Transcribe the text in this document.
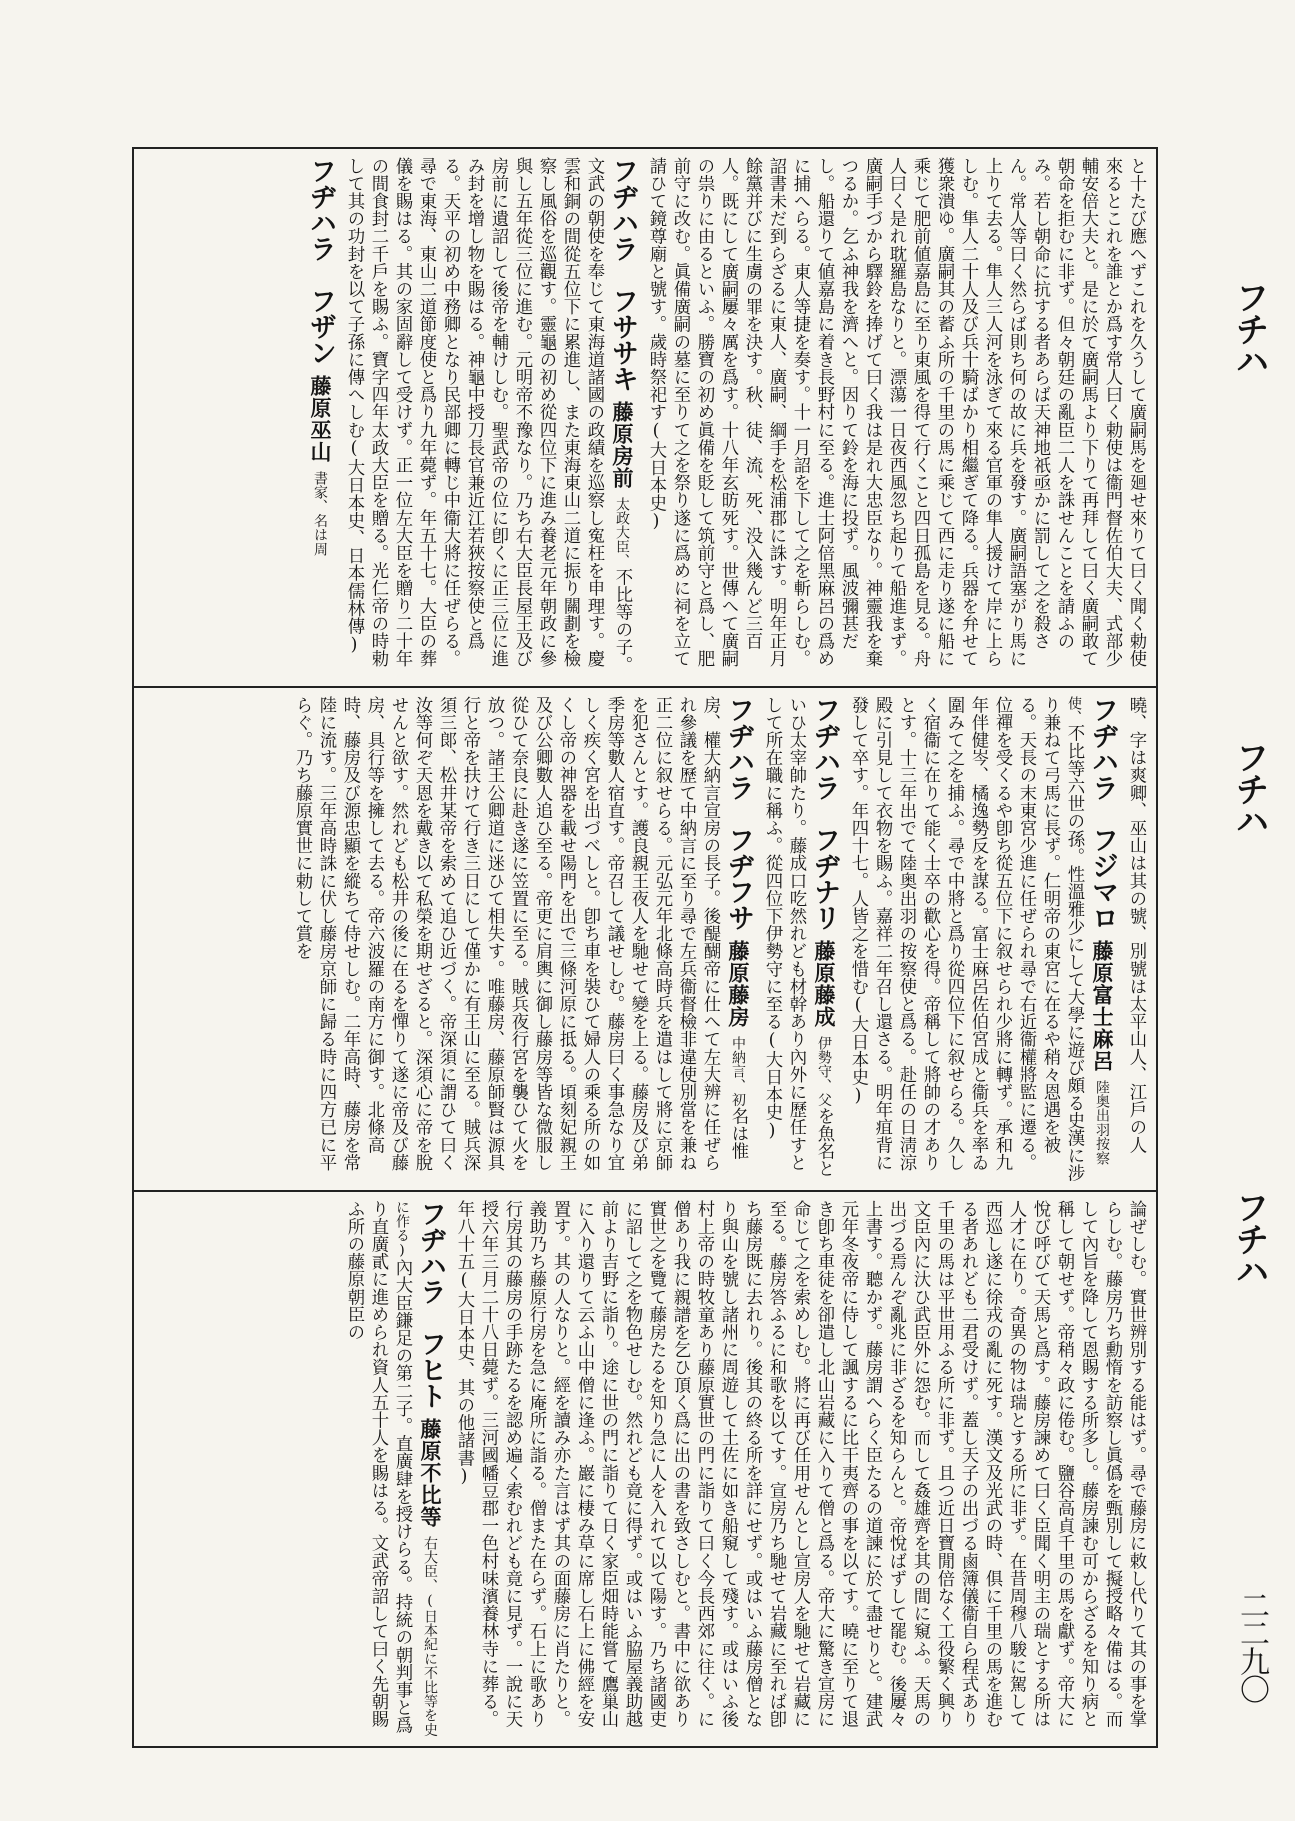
と十たび應へずこれを久うして廣嗣馬を廻せ來りて曰く聞く勅使來るとこれを誰とか爲す常人曰く勅使は衞門督佐伯大夫、式部少輔安倍大夫と。是に於て廣嗣馬より下りて再拜して曰く廣嗣敢て朝命を拒むに非ず。但々朝廷の亂臣二人を誅せんことを請ふのみ。若し朝命に抗する者あらば天神地祇亟かに罰して之を殺さん。常人等曰く然らば則ち何の故に兵を發す。廣嗣語塞がり馬に上りて去る。隼人三人河を泳ぎて來る官軍の隼人援けて岸に上らしむ。隼人二十人及び兵十騎ばかり相繼ぎて降る。兵器を弁せて獲衆潰ゆ。廣嗣其の蓄ふ所の千里の馬に乘じて西に走り遂に船に乘じて肥前値嘉島に至り東風を得て行くこと四日孤島を見る。舟人曰く是れ耽羅島なりと。漂蕩一日夜西風忽ち起りて船進まず。廣嗣手づから驛鈴を捧げて曰く我は是れ大忠臣なり。神靈我を棄つるか。乞ふ神我を濟へと。因りて鈴を海に投ず。風波彌甚だし。船還りて値嘉島に着き長野村に至る。進士阿倍黑麻呂の爲めに捕へらる。東人等捷を奏す。十一月詔を下して之を斬らしむ。詔書未だ到らざるに東人、廣嗣、綱手を松浦郡に誅す。明年正月餘黨并びに生虜の罪を決す。秋、徒、流、死、没入幾んど三百人。既にして廣嗣屢々厲を爲す。十八年玄昉死す。世傳へて廣嗣の祟りに由るといふ。勝寶の初め眞備を貶して筑前守と爲し、肥前守に改む。眞備廣嗣の墓に至りて之を祭り遂に爲めに祠を立て請ひて鏡尊廟と號す。歲時祭祀す(大日本史)
フヂハラ　フササキ藤原房前太政大臣、不比等の子。文武の朝使を奉じて東海道諸國の政績を巡察し寃枉を申理す。慶雲和銅の間從五位下に累進し、また東海東山二道に振り關劃を檢察し風俗を巡觀す。靈龜の初め從四位下に進み養老元年朝政に參與し五年從三位に進む。元明帝不豫なり。乃ち右大臣長屋王及び房前に遺詔して後帝を輔けしむ。聖武帝の位に卽くに正三位に進み封を增し物を賜はる。神龜中授刀長官兼近江若狹按察使と爲る。天平の初め中務卿となり民部卿に轉じ中衞大將に任ぜらる。尋で東海、東山二道節度使と爲り九年薨ず。年五十七。大臣の葬儀を賜はる。其の家固辭して受けず。正一位左大臣を贈り二十年の間食封二千戶を賜ふ。寶字四年太政大臣を贈る。光仁帝の時勅して其の功封を以て子孫に傳へしむ(大日本史、日本儒林傳)
フヂハラ　フザン藤原巫山書家、名は周
曉、字は爽卿、巫山は其の號、別號は太平山人、江戶の人
フヂハラ　フジマロ藤原富士麻呂陸奥出羽按察使、不比等六世の孫。性溫雅少にして大學に遊び頗る史漢に涉り兼ねて弓馬に長ず。仁明帝の東宮に在るや稍々恩遇を被る。天長の末東宮少進に任ぜられ尋で右近衞權將監に遷る。位禪を受くるや卽ち從五位下に叙せられ少將に轉ず。承和九年伴健岑、橘逸勢反を謀る。富士麻呂佐伯宮成と衞兵を率ゐ圍みて之を捕ふ。尋で中將と爲り從四位下に叙せらる。久しく宿衞に在りて能く士卒の歡心を得。帝稱して將帥の才ありとす。十三年出でて陸奥出羽の按察使と爲る。赴任の日淸涼殿に引見して衣物を賜ふ。嘉祥二年召し還さる。明年疽背に發して卒す。年四十七。人皆之を惜む(大日本史)
フヂハラ　フヂナリ藤原藤成伊勢守、父を魚名といひ太宰帥たり。藤成口吃然れども材幹あり內外に歷任すとして所在職に稱ふ。從四位下伊勢守に至る(大日本史)
フヂハラ　フヂフサ藤原藤房中納言、初名は惟房、權大納言宣房の長子。後醍醐帝に仕へて左大辨に任ぜられ參議を歷て中納言に至り尋で左兵衞督檢非違使別當を兼ね正二位に叙せらる。元弘元年北條高時兵を遣はして將に京師を犯さんとす。護良親王夜人を馳せて變を上る。藤房及び弟季房等數人宿直す。帝召して議せしむ。藤房曰く事急なり宜しく疾く宮を出づべしと。卽ち車を裝ひて婦人の乘る所の如くし帝の神器を載せ陽門を出で三條河原に抵る。頃刻妃親王及び公卿數人追ひ至る。帝更に肩輿に御し藤房等皆な微服し從ひて奈良に赴き遂に笠置に至る。賊兵夜行宮を襲ひて火を放つ。諸王公卿道に迷ひて相失す。唯藤房、藤原師賢は源具行と帝を扶けて行き三日にして僅かに有王山に至る。賊兵深須三郞、松井某帝を索めて追ひ近づく。帝深須に謂ひて曰く汝等何ぞ天恩を戴き以て私榮を期せざると。深須心に帝を脫せんと欲す。然れども松井の後に在るを憚りて遂に帝及び藤房、具行等を擁して去る。帝六波羅の南方に御す。北條高時、藤房及び源忠顯を縱ちて侍せしむ。二年高時、藤房を常陸に流す。三年高時誅に伏し藤房京師に歸る時に四方已に平らぐ。乃ち藤原實世に勅して賞を
論ぜしむ。實世辨別する能はず。尋で藤房に敕し代りて其の事を掌らしむ。藤房乃ち勳惰を訪察し眞僞を甄別して擬授略々備はる。而して內旨を降して恩賜する所多し。藤房諫む可からざるを知り病と稱して朝せず。帝稍々政に倦む。鹽谷高貞千里の馬を獻ず。帝大に悅び呼びて天馬と爲す。藤房諫めて曰く臣聞く明主の瑞とする所は人才に在り。奇異の物は瑞とする所に非ず。在昔周穆八駿に駕して西巡し遂に徐戎の亂に死す。漢文及光武の時、俱に千里の馬を進むる者あれども二君受けず。蓋し天子の出づる鹵簿儀衞自ら程式あり千里の馬は平世用ふる所に非ず。且つ近日寶閒倍なく工役繁く興り文臣內に汏ひ武臣外に怨む。而して姦雄齊を其の間に窺ふ。天馬の出づる焉んぞ亂兆に非ざるを知らんと。帝悅ばずして罷む。後屢々上書す。聽かず。藤房謂へらく臣たるの道諫に於て盡せりと。建武元年冬夜帝に侍して諷するに比干夷齊の事を以てす。曉に至りて退き卽ち車徒を卻遣し北山岩藏に入りて僧と爲る。帝大に驚き宣房に命じて之を索めしむ。將に再び任用せんとし宣房人を馳せて岩藏に至る。藤房答ふるに和歌を以てす。宣房乃ち馳せて岩藏に至れば卽ち藤房既に去れり。後其の終る所を詳にせず。或はいふ藤房僧となり與山を號し諸州に周遊して土佐に如き船窺して殘す。或はいふ後村上帝の時牧童あり藤原實世の門に詣りて曰く今長西郊に往く。に僧あり我に親譜を乞ひ頂く爲に出の書を致さしむと。書中に欲あり實世之を覽て藤房たるを知り急に人を入れて以て陽す。乃ち諸國吏に詔して之を物色せしむ。然れども竟に得ず。或はいふ脇屋義助越前より吉野に詣り。途に世の門に詣りて日く家臣畑時能嘗て鷹巢山に入り還りて云ふ山中僧に逢ふ。巖に棲み草に席し石上に佛經を安置す。其の人なりと。經を讀み亦た言はず其の面藤房に肖たりと。義助乃ち藤原行房を急に庵所に詣る。僧また在らず。石上に歌あり行房其の藤房の手跡たるを認め遍く索むれども竟に見ず。一說に天授六年三月二十八日薨ず。三河國幡豆郡一色村味濱養林寺に葬る。年八十五(大日本史、其の他諸書)
フヂハラ　フヒト藤原不比等右大臣、(日本紀に不比等を史に作る)內大臣鎌足の第二子。直廣肆を授けらる。持統の朝判事と爲り直廣貳に進められ資人五十人を賜はる。文武帝詔して曰く先朝賜ふ所の藤原朝臣の
フチハ
フチハ
フチハ
二二九〇
